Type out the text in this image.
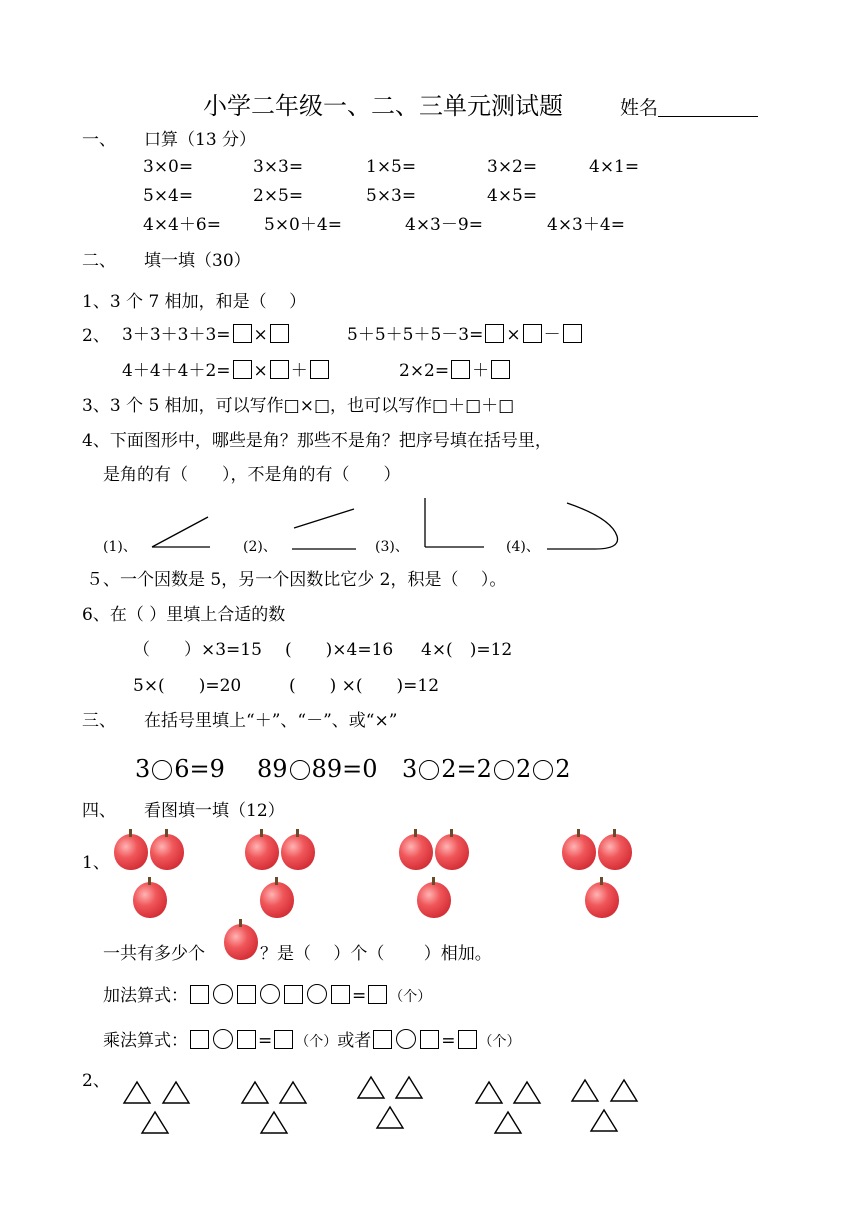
小学二年级一、二、三单元测试题	姓名
一、 口算（13 分）
3×0=	3×3=	1×5=	3×2=	4×1=
5×4=	2×5=	5×3=	4×5=
4×4＋6=	5×0＋4=	4×3－9=	4×3＋4=
二、 填一填（30）
1、3 个 7 相加，和是（　 ）
2、 3＋3＋3＋3= ×	5＋5＋5＋5－3= × －
4＋4＋4＋2= × ＋	2×2= ＋
3、3 个 5 相加，可以写作□×□，也可以写作□＋□＋□
4、下面图形中，哪些是角？那些不是角？把序号填在括号里，
是角的有（　　），不是角的有（　　）
(1)、	(2)、	(3)、	(4)、
５、一个因数是 5，另一个因数比它少 2，积是（　 ）。
6、在（ ）里填上合适的数
（　　）×3=15 (　　)×4=16 4×(　)=12
5×(　　)=20	(　　) ×(　　)=12
三、 在括号里填上“＋”、“－”、或“×”
3 6=9 89 89=0 3 2=2 2 2
四、 看图填一填（12）
1、
一共有多少个	？是（　 ）个（　　 ）相加。
加法算式：	= （个）
乘法算式：	= （个）或者	= （个）
2、
